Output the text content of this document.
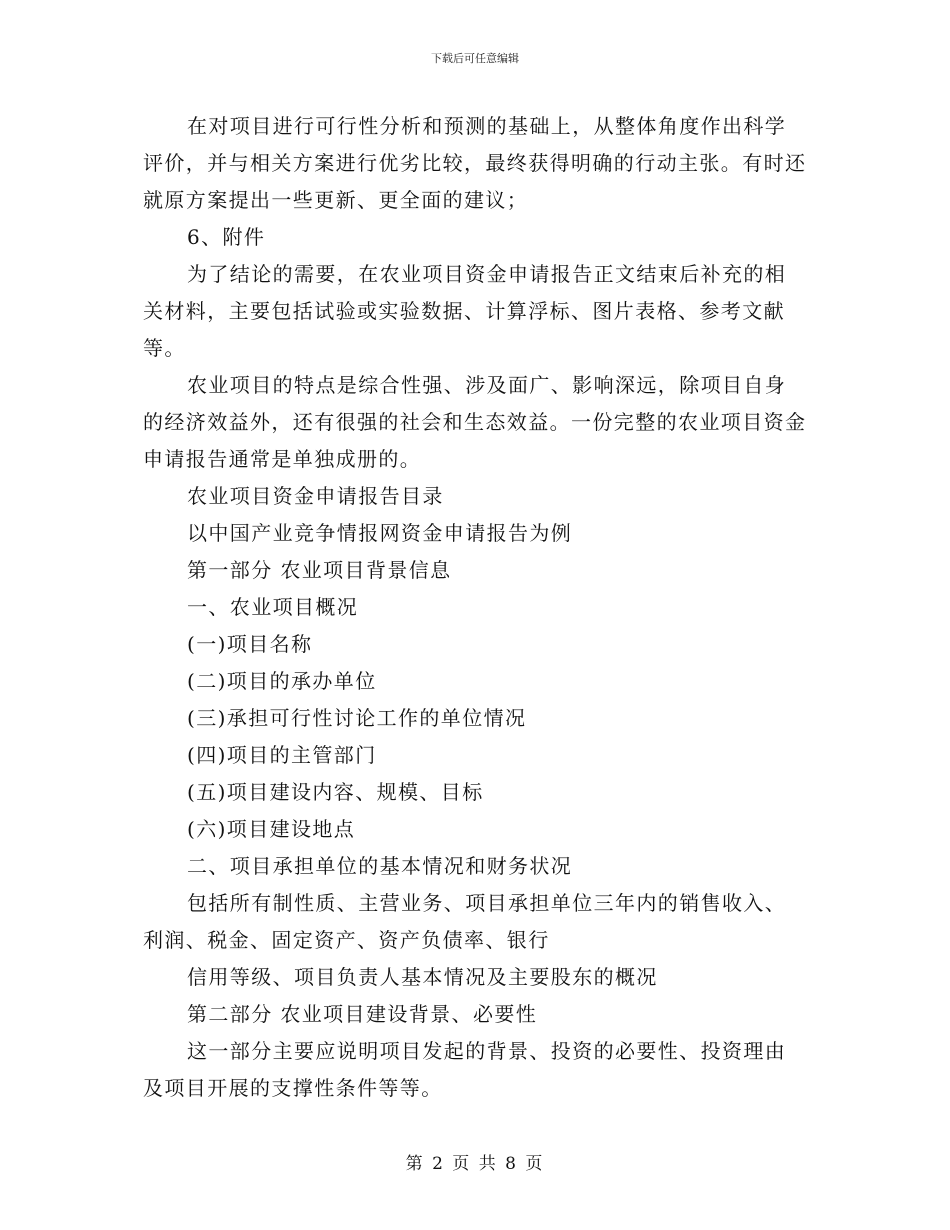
下载后可任意编辑

在对项目进行可行性分析和预测的基础上，从整体角度作出科学评价，并与相关方案进行优劣比较，最终获得明确的行动主张。有时还就原方案提出一些更新、更全面的建议；

6、附件

为了结论的需要，在农业项目资金申请报告正文结束后补充的相关材料，主要包括试验或实验数据、计算浮标、图片表格、参考文献等。

农业项目的特点是综合性强、涉及面广、影响深远，除项目自身的经济效益外，还有很强的社会和生态效益。一份完整的农业项目资金申请报告通常是单独成册的。

农业项目资金申请报告目录

以中国产业竞争情报网资金申请报告为例

第一部分 农业项目背景信息

一、农业项目概况

(一)项目名称

(二)项目的承办单位

(三)承担可行性讨论工作的单位情况

(四)项目的主管部门

(五)项目建设内容、规模、目标

(六)项目建设地点

二、项目承担单位的基本情况和财务状况

包括所有制性质、主营业务、项目承担单位三年内的销售收入、利润、税金、固定资产、资产负债率、银行

信用等级、项目负责人基本情况及主要股东的概况

第二部分 农业项目建设背景、必要性

这一部分主要应说明项目发起的背景、投资的必要性、投资理由及项目开展的支撑性条件等等。

第 2 页 共 8 页
